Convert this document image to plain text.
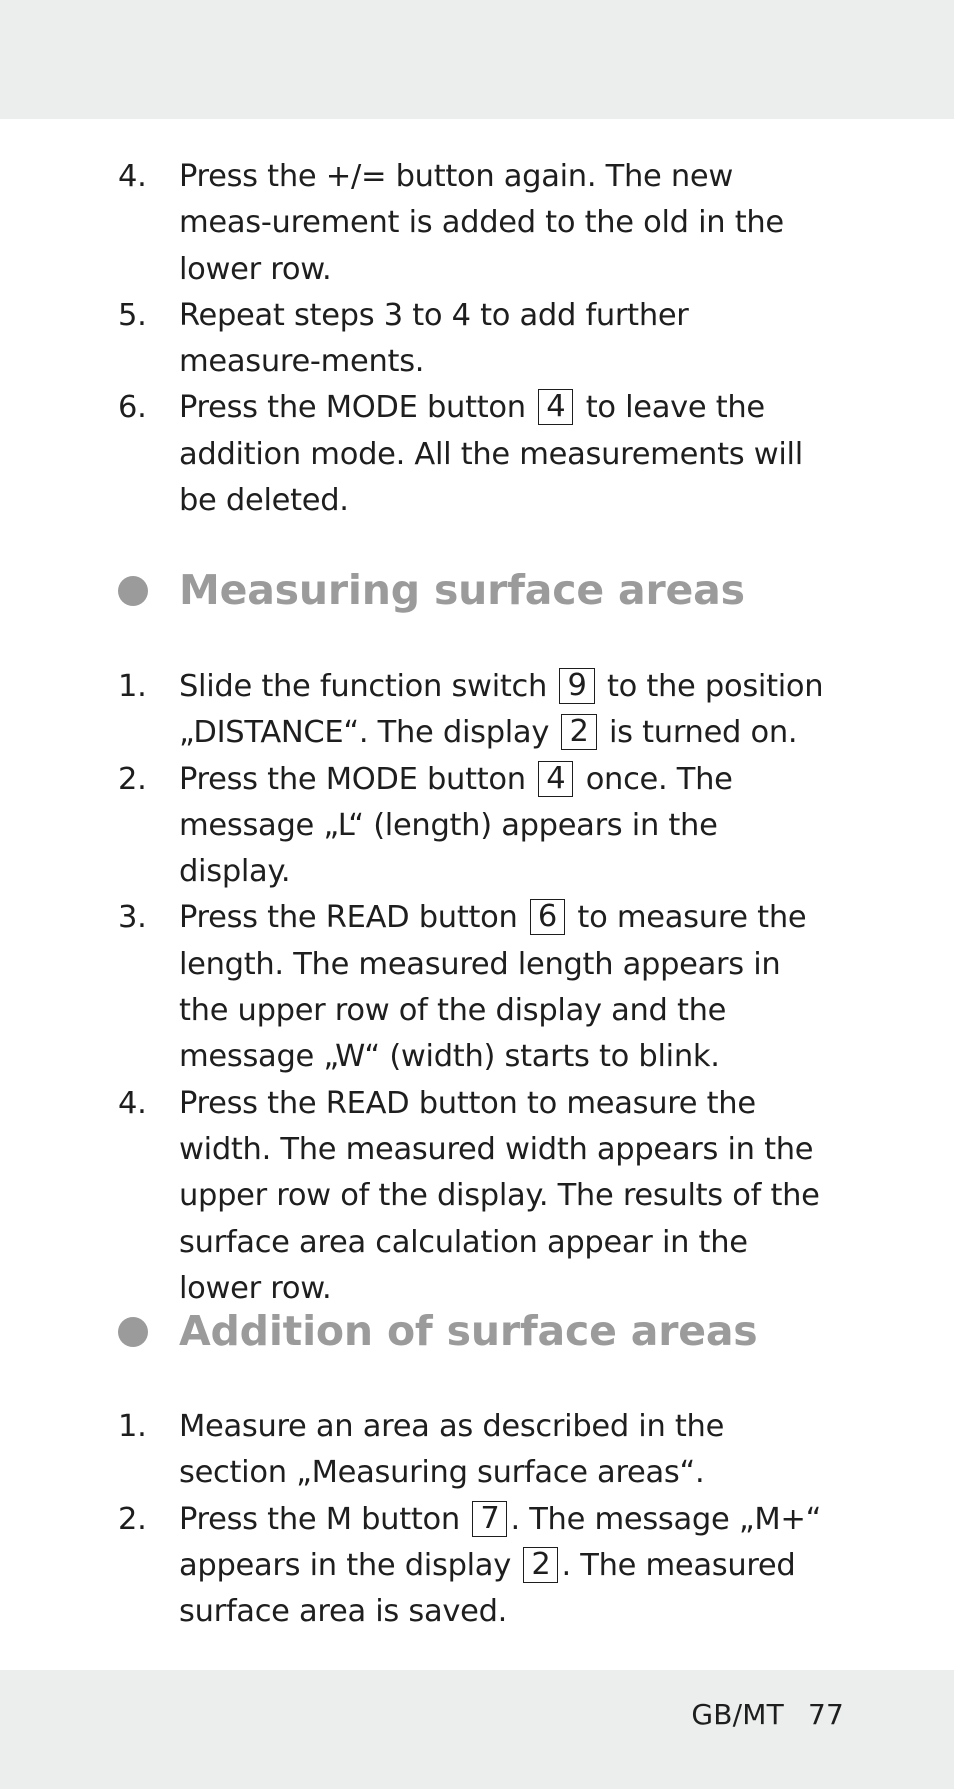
4. Press the +/= button again. The new meas-urement is added to the old in the lower row.
5. Repeat steps 3 to 4 to add further measure-ments.
6. Press the MODE button 4 to leave the addition mode. All the measurements will be deleted.
Measuring surface areas
1. Slide the function switch 9 to the position „DISTANCE“. The display 2 is turned on.
2. Press the MODE button 4 once. The message „L“ (length) appears in the display.
3. Press the READ button 6 to measure the length. The measured length appears in the upper row of the display and the message „W“ (width) starts to blink.
4. Press the READ button to measure the width. The measured width appears in the upper row of the display. The results of the surface area calculation appear in the lower row.
Addition of surface areas
1. Measure an area as described in the section „Measuring surface areas“.
2. Press the M button 7 . The message „M+“ appears in the display 2 . The measured surface area is saved.
GB/MT 77
